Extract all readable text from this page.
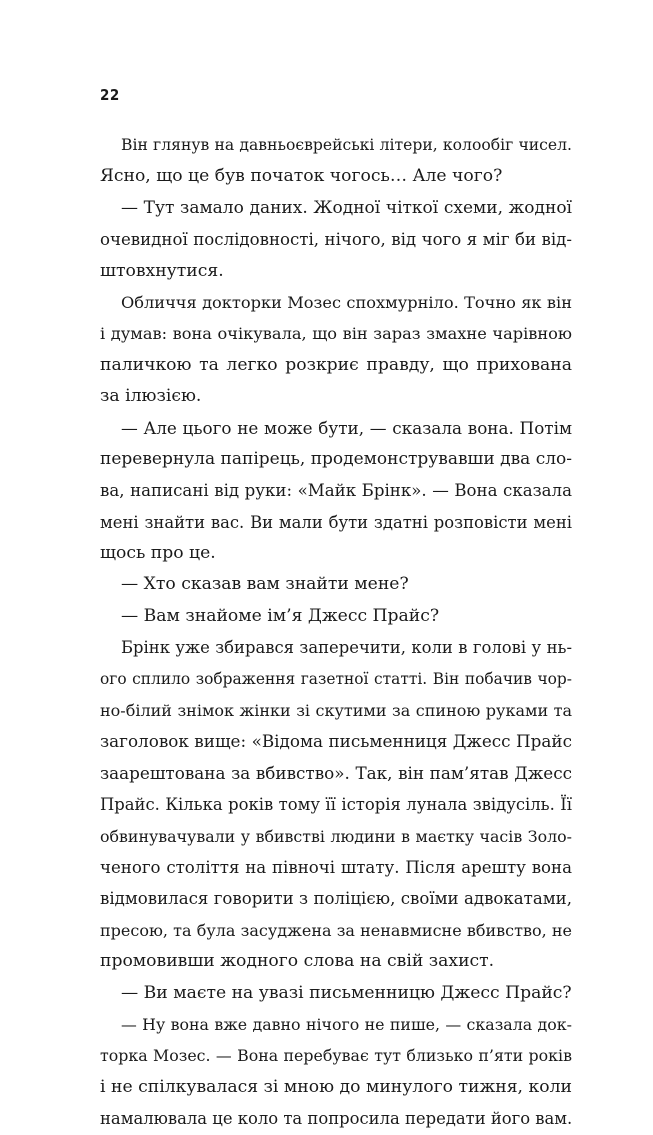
22
Він глянув на давньоєврейські літери, колообіг чисел.
Ясно, що це був початок чогось… Але чого?
— Тут замало даних. Жодної чіткої схеми, жодної
очевидної послідовності, нічого, від чого я міг би від-
штовхнутися.
Обличчя докторки Мозес спохмурніло. Точно як він
і думав: вона очікувала, що він зараз змахне чарівною
паличкою та легко розкриє правду, що прихована
за ілюзією.
— Але цього не може бути, — сказала вона. Потім
перевернула папірець, продемонструвавши два сло-
ва, написані від руки: «Майк Брінк». — Вона сказала
мені знайти вас. Ви мали бути здатні розповісти мені
щось про це.
— Хто сказав вам знайти мене?
— Вам знайоме ім’я Джесс Прайс?
Брінк уже збирався заперечити, коли в голові у нь-
ого сплило зображення газетної статті. Він побачив чор-
но-білий знімок жінки зі скутими за спиною руками та
заголовок вище: «Відома письменниця Джесс Прайс
заарештована за вбивство». Так, він пам’ятав Джесс
Прайс. Кілька років тому її історія лунала звідусіль. Її
обвинувачували у вбивстві людини в маєтку часів Золо-
ченого століття на півночі штату. Після арешту вона
відмовилася говорити з поліцією, своїми адвокатами,
пресою, та була засуджена за ненавмисне вбивство, не
промовивши жодного слова на свій захист.
— Ви маєте на увазі письменницю Джесс Прайс?
— Ну вона вже давно нічого не пише, — сказала док-
торка Мозес. — Вона перебуває тут близько п’яти років
і не спілкувалася зі мною до минулого тижня, коли
намалювала це коло та попросила передати його вам.
